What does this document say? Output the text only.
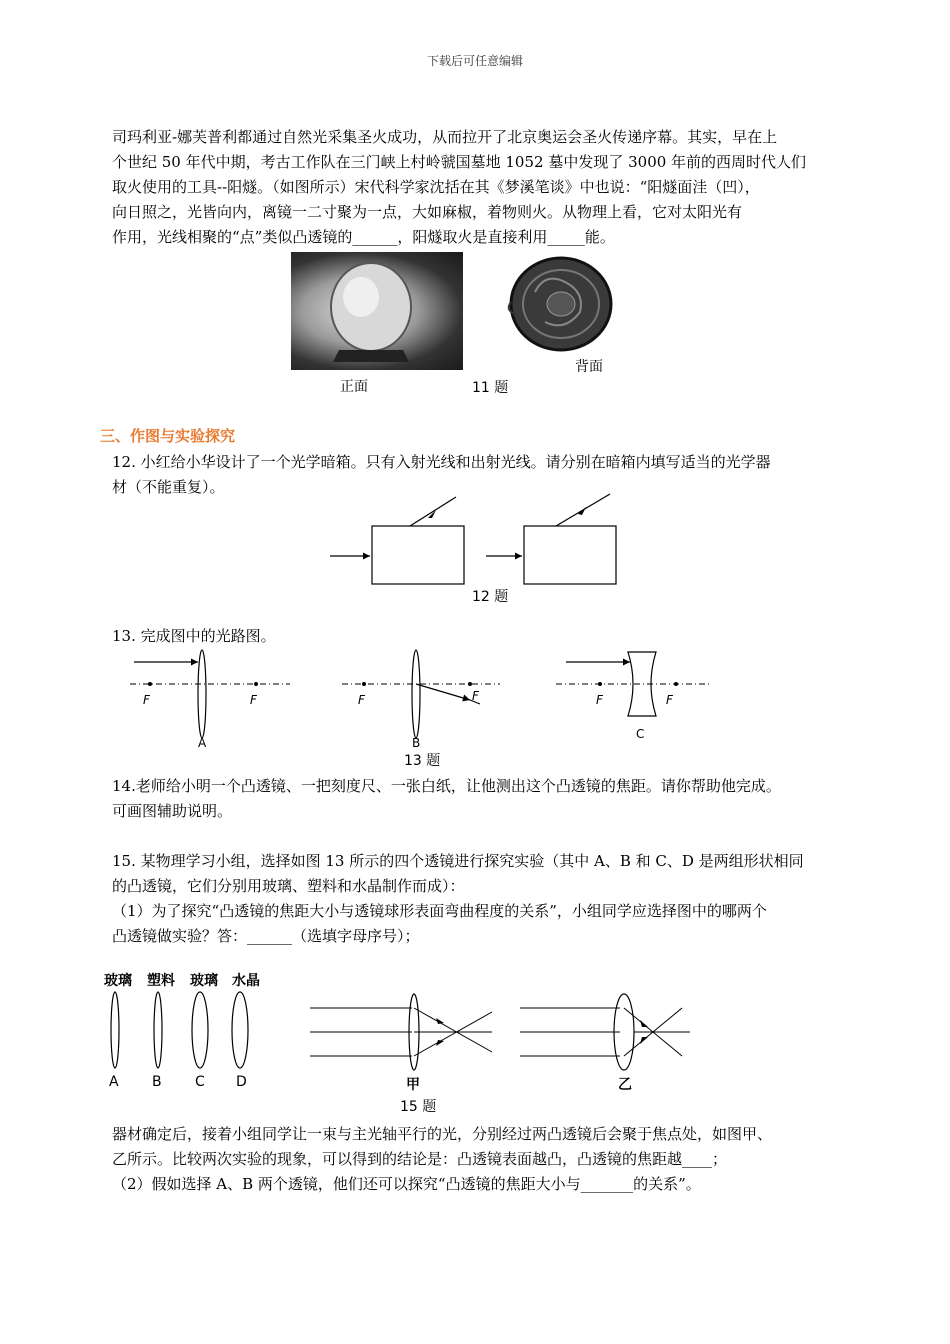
下载后可任意编辑
司玛利亚-娜芙普利都通过自然光采集圣火成功，从而拉开了北京奥运会圣火传递序幕。其实，早在上
个世纪 50 年代中期，考古工作队在三门峡上村岭虢国墓地 1052 墓中发现了 3000 年前的西周时代人们
取火使用的工具--阳燧。（如图所示）宋代科学家沈括在其《梦溪笔谈》中也说：“阳燧面洼（凹），
向日照之，光皆向内，离镜一二寸聚为一点，大如麻椒，着物则火。从物理上看，它对太阳光有
作用，光线相聚的“点”类似凸透镜的______，阳燧取火是直接利用_____能。
正面
背面
11 题
三、作图与实验探究
12. 小红给小华设计了一个光学暗箱。只有入射光线和出射光线。请分别在暗箱内填写适当的光学器
材（不能重复）。
12 题
13. 完成图中的光路图。
F	F
A
F	F
B
F	F
C
13 题
14.老师给小明一个凸透镜、一把刻度尺、一张白纸，让他测出这个凸透镜的焦距。请你帮助他完成。
可画图辅助说明。
15. 某物理学习小组，选择如图 13 所示的四个透镜进行探究实验（其中 A、B 和 C、D 是两组形状相同
的凸透镜，它们分别用玻璃、塑料和水晶制作而成）：
（1）为了探究“凸透镜的焦距大小与透镜球形表面弯曲程度的关系”，小组同学应选择图中的哪两个
凸透镜做实验？答：______（选填字母序号）；
玻璃 塑料 玻璃 水晶
A B C D	甲	乙
15 题
器材确定后，接着小组同学让一束与主光轴平行的光，分别经过两凸透镜后会聚于焦点处，如图甲、
乙所示。比较两次实验的现象，可以得到的结论是：凸透镜表面越凸，凸透镜的焦距越____；
（2）假如选择 A、B 两个透镜，他们还可以探究“凸透镜的焦距大小与_______的关系”。
